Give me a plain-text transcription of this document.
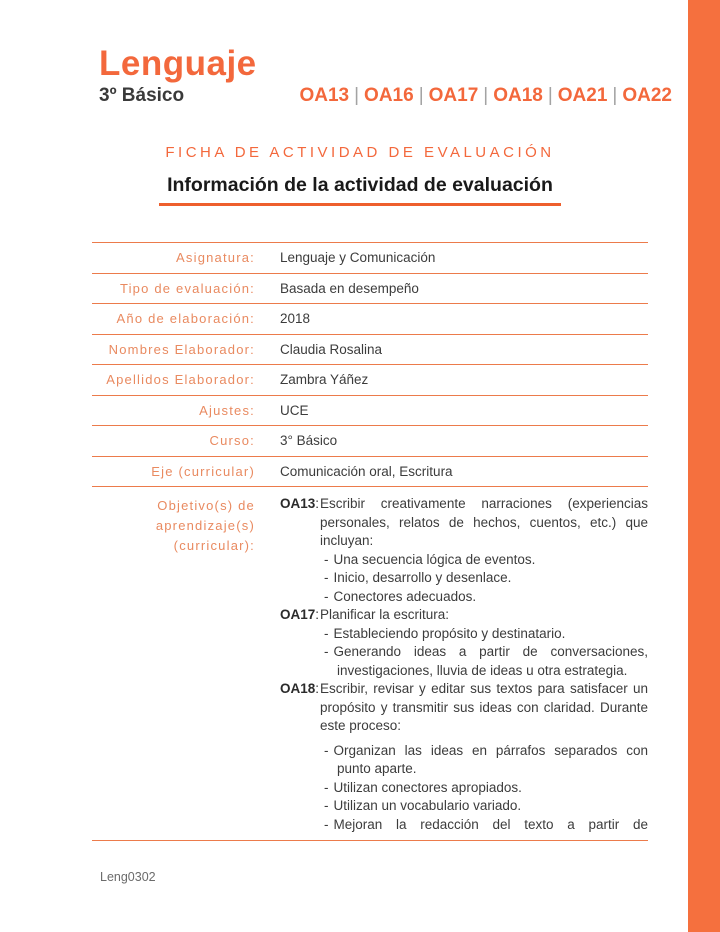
Lenguaje
3º Básico	OA13 | OA16 | OA17 | OA18 | OA21 | OA22
FICHA DE ACTIVIDAD DE EVALUACIÓN
Información de la actividad de evaluación
Asignatura: Lenguaje y Comunicación
Tipo de evaluación: Basada en desempeño
Año de elaboración: 2018
Nombres Elaborador: Claudia Rosalina
Apellidos Elaborador: Zambra Yáñez
Ajustes: UCE
Curso: 3° Básico
Eje (curricular) Comunicación oral, Escritura
Objetivo(s) de
aprendizaje(s)
(curricular):
OA13: Escribir creativamente narraciones (experiencias personales, relatos de hechos, cuentos, etc.) que incluyan:
- Una secuencia lógica de eventos.
- Inicio, desarrollo y desenlace.
- Conectores adecuados.
OA17: Planificar la escritura:
- Estableciendo propósito y destinatario.
- Generando ideas a partir de conversaciones, investigaciones, lluvia de ideas u otra estrategia.
OA18: Escribir, revisar y editar sus textos para satisfacer un propósito y transmitir sus ideas con claridad. Durante este proceso:
- Organizan las ideas en párrafos separados con punto aparte.
- Utilizan conectores apropiados.
- Utilizan un vocabulario variado.
- Mejoran la redacción del texto a partir de
Leng0302
